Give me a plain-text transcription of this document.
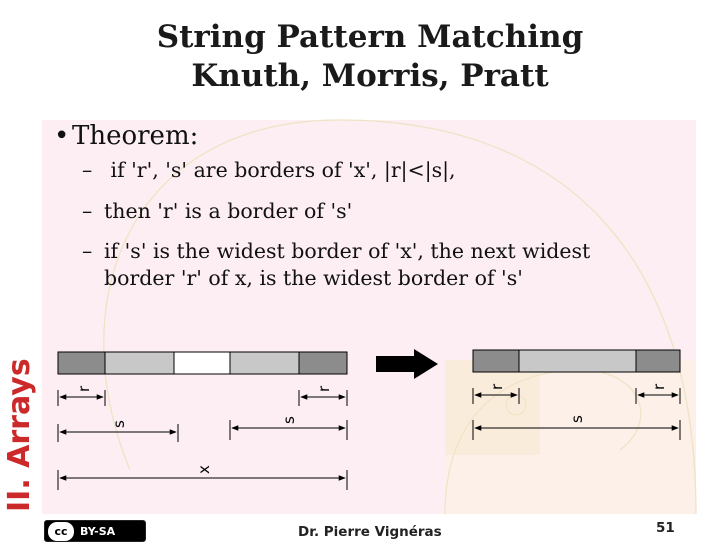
String Pattern Matching
Knuth, Morris, Pratt
• Theorem:
– if 'r', 's' are borders of 'x', |r|<|s|,
– then 'r' is a border of 's'
– if 's' is the widest border of 'x', the next widest
border 'r' of x, is the widest border of 's'
II. Arrays	r	r
s
s
x
r	r
s
cc	BY-SA	Dr. Pierre Vignéras	51
